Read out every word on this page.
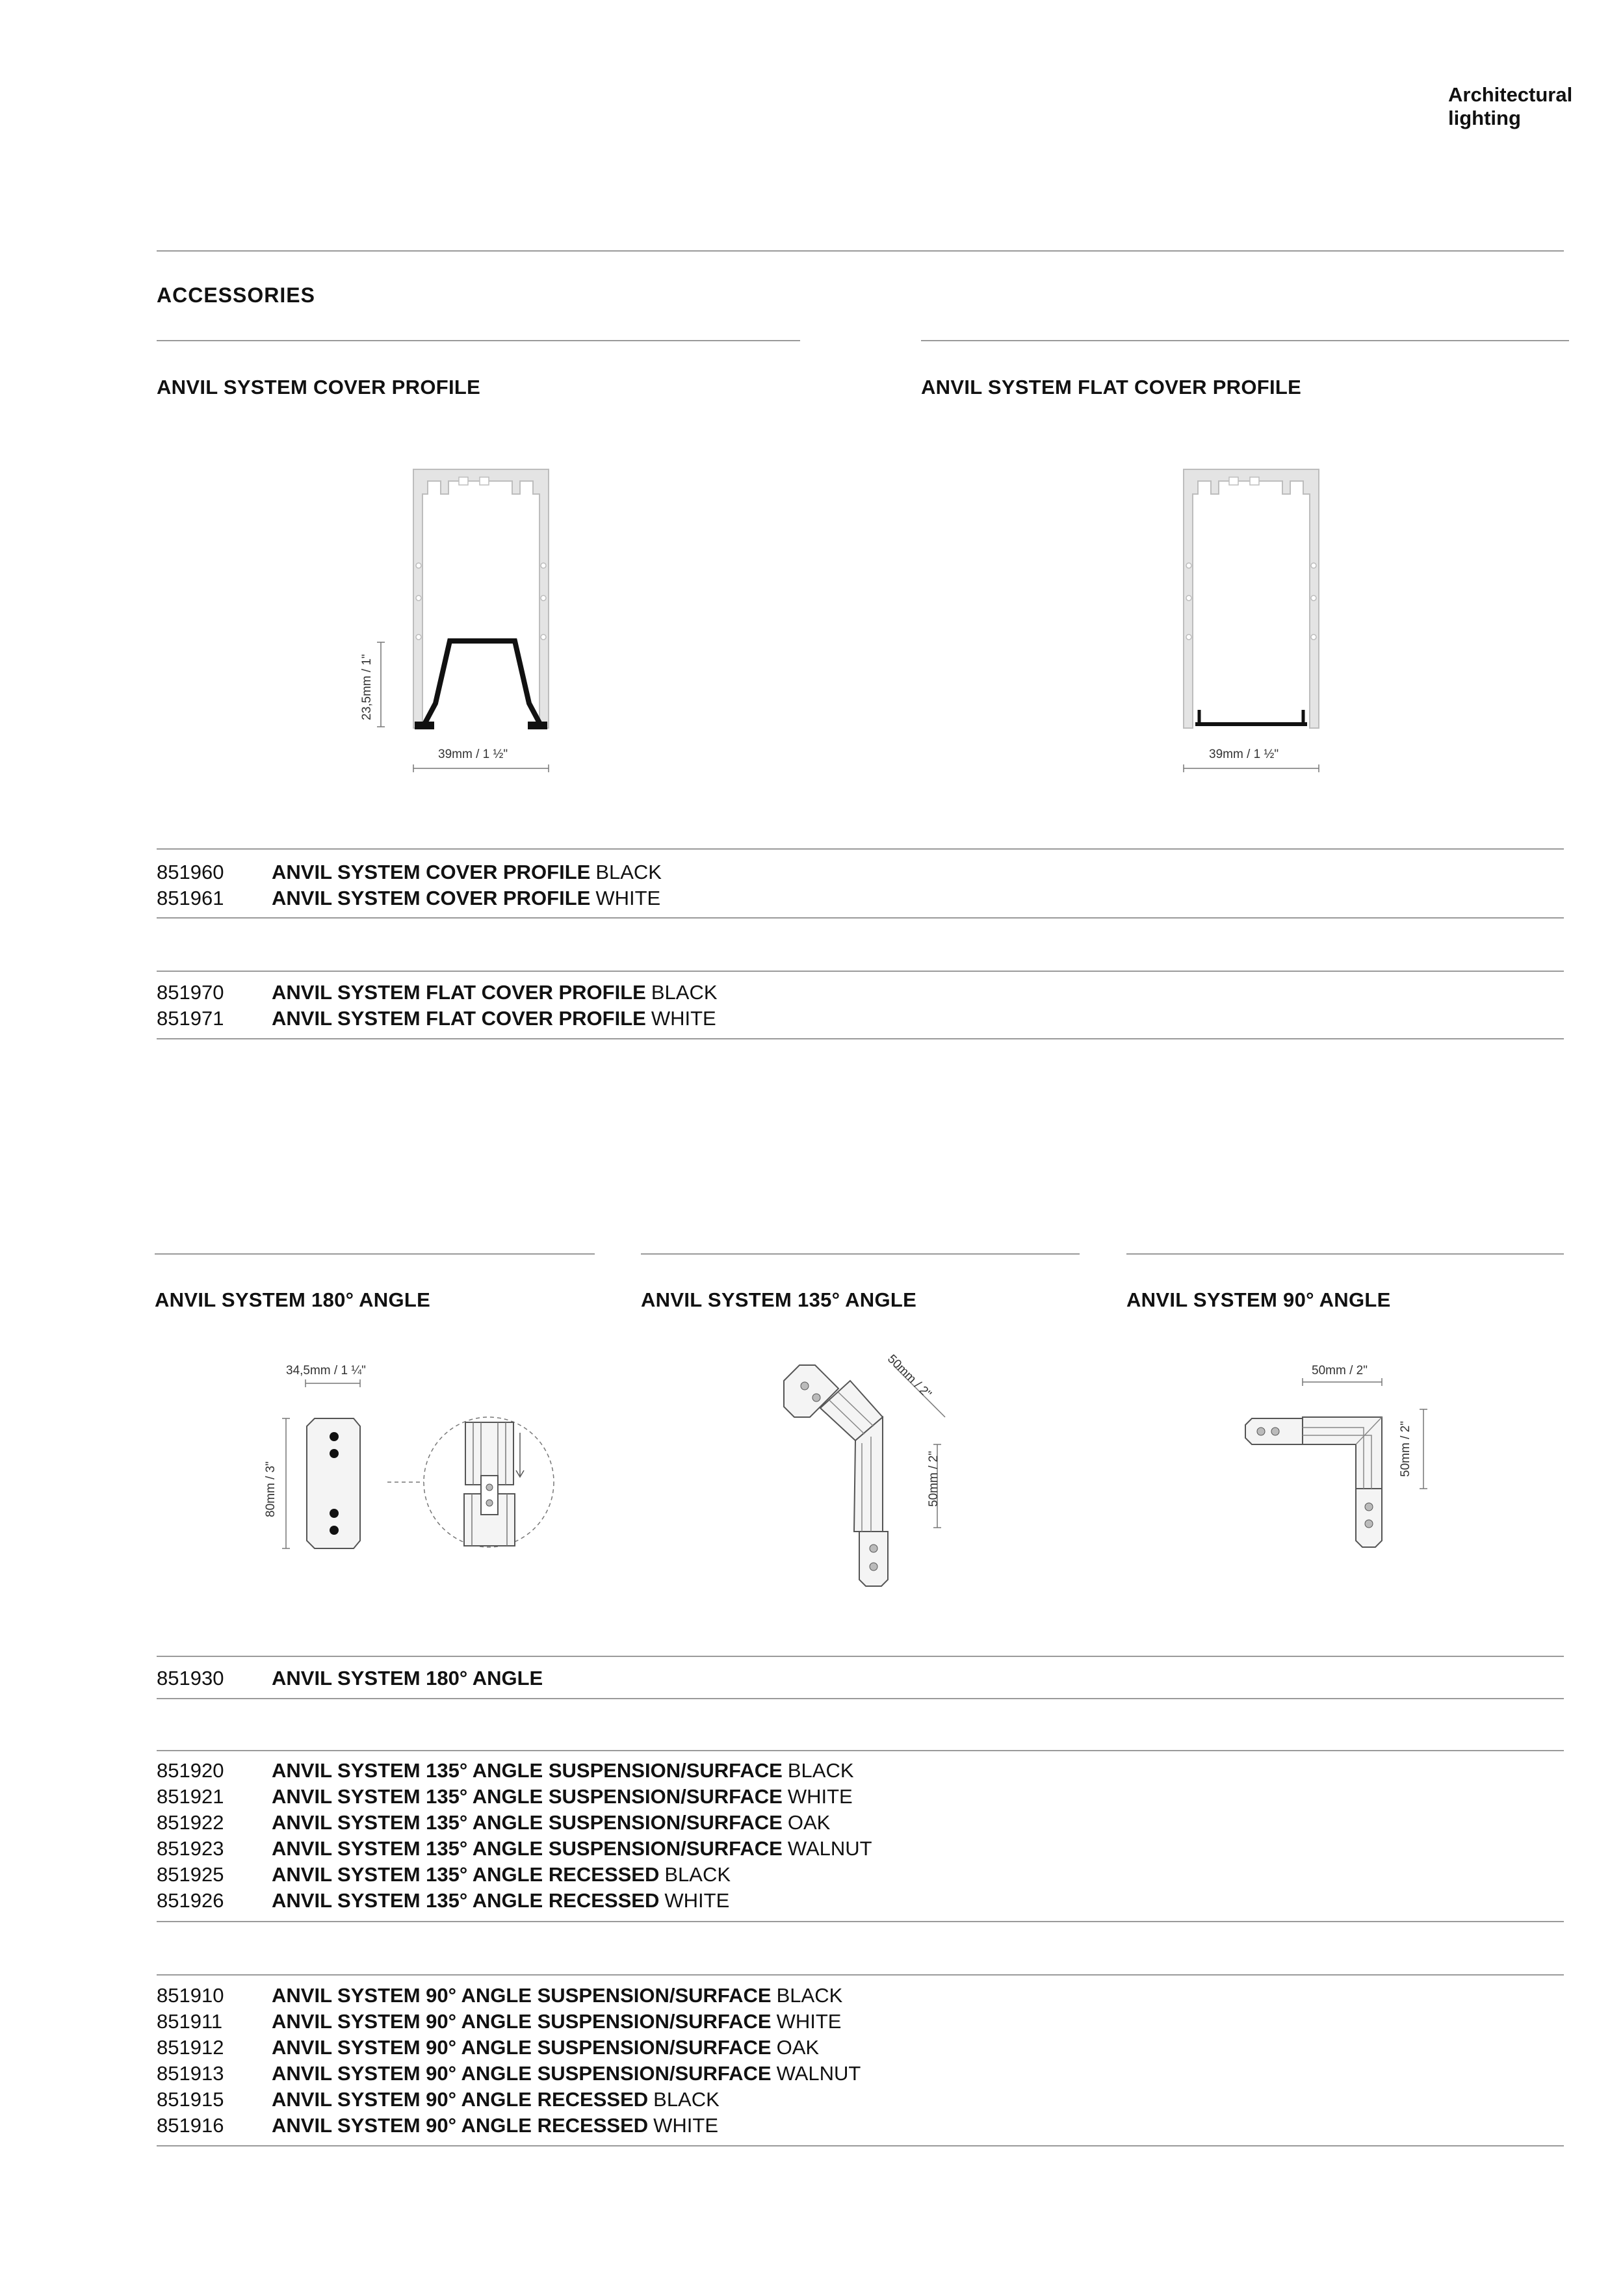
Architectural
lighting
ACCESSORIES
ANVIL SYSTEM COVER PROFILE	ANVIL SYSTEM FLAT COVER PROFILE
39mm / 1 ½"
23,5mm / 1"
39mm / 1 ½"
851960	ANVIL SYSTEM COVER PROFILE BLACK
851961	ANVIL SYSTEM COVER PROFILE WHITE
851970	ANVIL SYSTEM FLAT COVER PROFILE BLACK
851971	ANVIL SYSTEM FLAT COVER PROFILE WHITE
ANVIL SYSTEM 180° ANGLE	ANVIL SYSTEM 135° ANGLE	ANVIL SYSTEM 90° ANGLE
34,5mm / 1 ¼"
80mm / 3"
50mm / 2"
50mm / 2"
50mm / 2"
50mm / 2"
851930	ANVIL SYSTEM 180° ANGLE
851920	ANVIL SYSTEM 135° ANGLE SUSPENSION/SURFACE BLACK
851921	ANVIL SYSTEM 135° ANGLE SUSPENSION/SURFACE WHITE
851922	ANVIL SYSTEM 135° ANGLE SUSPENSION/SURFACE OAK
851923	ANVIL SYSTEM 135° ANGLE SUSPENSION/SURFACE WALNUT
851925	ANVIL SYSTEM 135° ANGLE RECESSED BLACK
851926	ANVIL SYSTEM 135° ANGLE RECESSED WHITE
851910	ANVIL SYSTEM 90° ANGLE SUSPENSION/SURFACE BLACK
851911	ANVIL SYSTEM 90° ANGLE SUSPENSION/SURFACE WHITE
851912	ANVIL SYSTEM 90° ANGLE SUSPENSION/SURFACE OAK
851913	ANVIL SYSTEM 90° ANGLE SUSPENSION/SURFACE WALNUT
851915	ANVIL SYSTEM 90° ANGLE RECESSED BLACK
851916	ANVIL SYSTEM 90° ANGLE RECESSED WHITE
